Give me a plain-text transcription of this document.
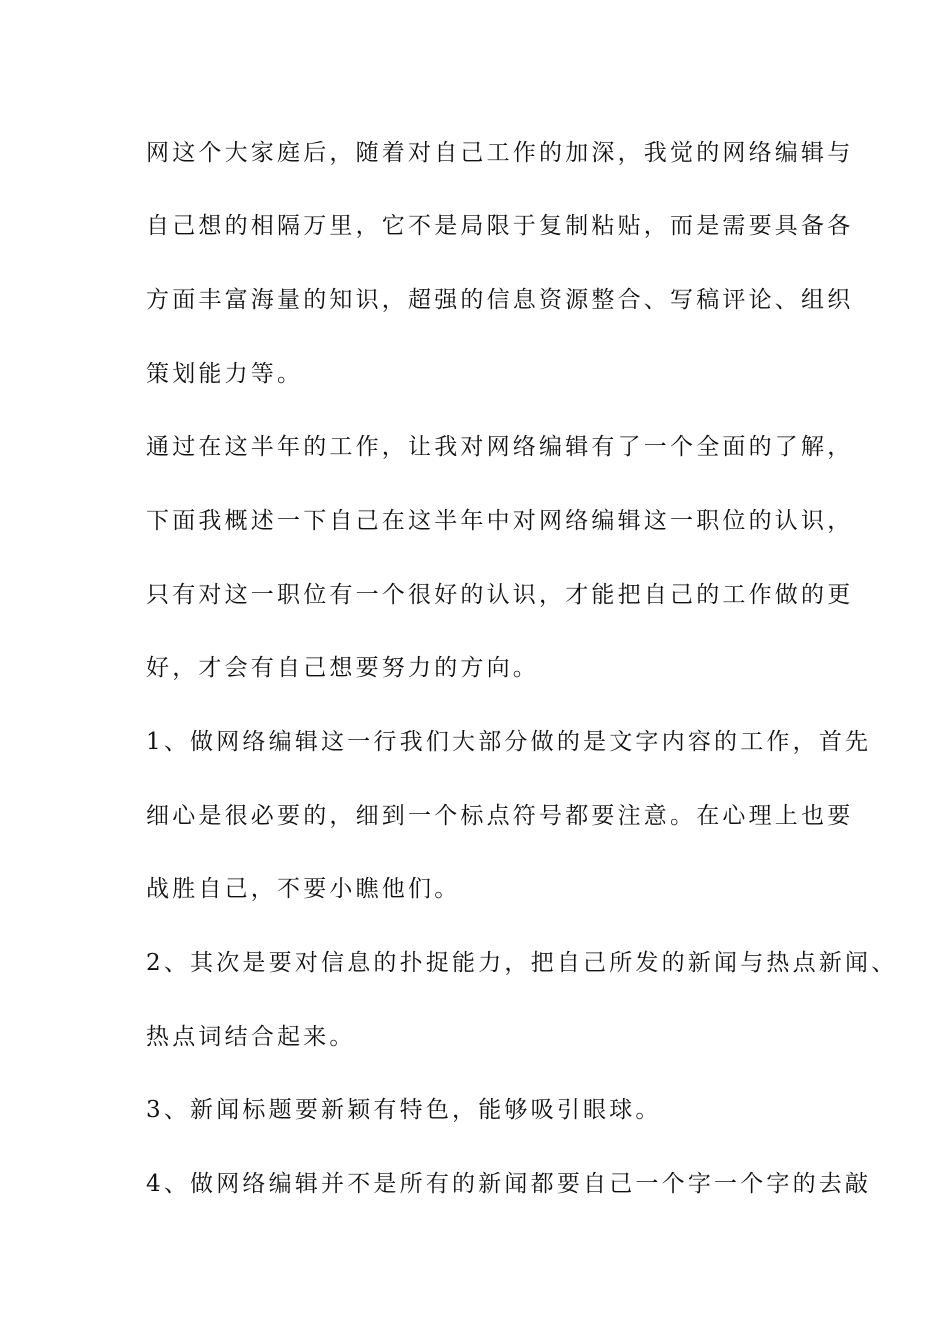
网这个大家庭后，随着对自己工作的加深，我觉的网络编辑与
自己想的相隔万里，它不是局限于复制粘贴，而是需要具备各
方面丰富海量的知识，超强的信息资源整合、写稿评论、组织
策划能力等。
通过在这半年的工作，让我对网络编辑有了一个全面的了解，
下面我概述一下自己在这半年中对网络编辑这一职位的认识，
只有对这一职位有一个很好的认识，才能把自己的工作做的更
好，才会有自己想要努力的方向。
1、做网络编辑这一行我们大部分做的是文字内容的工作，首先
细心是很必要的，细到一个标点符号都要注意。在心理上也要
战胜自己，不要小瞧他们。
2、其次是要对信息的扑捉能力，把自己所发的新闻与热点新闻、
热点词结合起来。
3、新闻标题要新颖有特色，能够吸引眼球。
4、做网络编辑并不是所有的新闻都要自己一个字一个字的去敲
